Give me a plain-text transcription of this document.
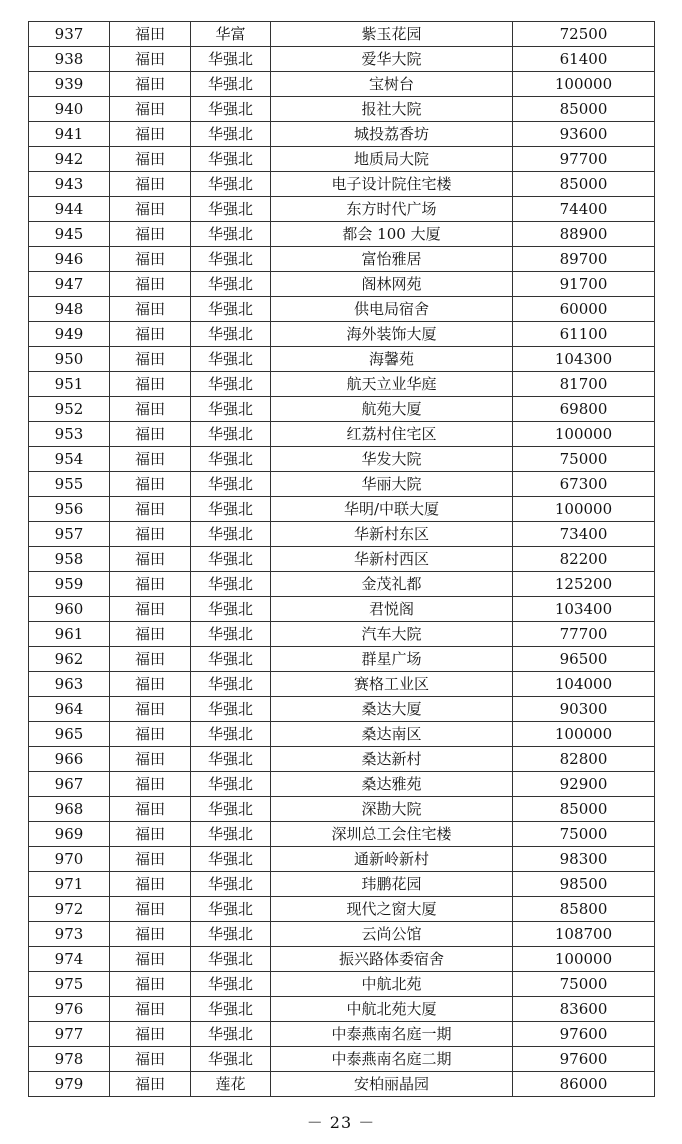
937	福田	华富	紫玉花园	72500
938	福田	华强北	爱华大院	61400
939	福田	华强北	宝树台	100000
940	福田	华强北	报社大院	85000
941	福田	华强北	城投荔香坊	93600
942	福田	华强北	地质局大院	97700
943	福田	华强北	电子设计院住宅楼	85000
944	福田	华强北	东方时代广场	74400
945	福田	华强北	都会 100 大厦	88900
946	福田	华强北	富怡雅居	89700
947	福田	华强北	阁林网苑	91700
948	福田	华强北	供电局宿舍	60000
949	福田	华强北	海外装饰大厦	61100
950	福田	华强北	海馨苑	104300
951	福田	华强北	航天立业华庭	81700
952	福田	华强北	航苑大厦	69800
953	福田	华强北	红荔村住宅区	100000
954	福田	华强北	华发大院	75000
955	福田	华强北	华丽大院	67300
956	福田	华强北	华明/中联大厦	100000
957	福田	华强北	华新村东区	73400
958	福田	华强北	华新村西区	82200
959	福田	华强北	金茂礼都	125200
960	福田	华强北	君悦阁	103400
961	福田	华强北	汽车大院	77700
962	福田	华强北	群星广场	96500
963	福田	华强北	赛格工业区	104000
964	福田	华强北	桑达大厦	90300
965	福田	华强北	桑达南区	100000
966	福田	华强北	桑达新村	82800
967	福田	华强北	桑达雅苑	92900
968	福田	华强北	深勘大院	85000
969	福田	华强北	深圳总工会住宅楼	75000
970	福田	华强北	通新岭新村	98300
971	福田	华强北	玮鹏花园	98500
972	福田	华强北	现代之窗大厦	85800
973	福田	华强北	云尚公馆	108700
974	福田	华强北	振兴路体委宿舍	100000
975	福田	华强北	中航北苑	75000
976	福田	华强北	中航北苑大厦	83600
977	福田	华强北	中泰燕南名庭一期	97600
978	福田	华强北	中泰燕南名庭二期	97600
979	福田	莲花	安柏丽晶园	86000
－ 23 －
